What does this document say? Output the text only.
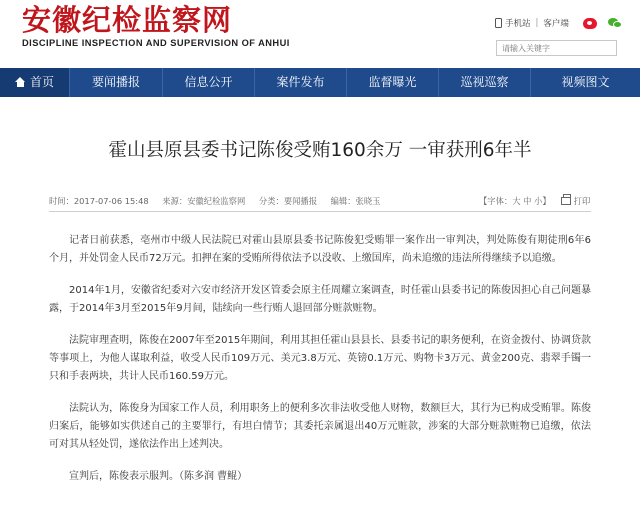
安徽纪检监察网
DISCIPLINE INSPECTION AND SUPERVISION OF ANHUI
手机站 | 客户端
请输入关键字
首页	要闻播报	信息公开	案件发布	监督曝光	巡视巡察	视频图文
霍山县原县委书记陈俊受贿160余万 一审获刑6年半
时间：2017-07-06 15:48 来源：安徽纪检监察网 分类：要闻播报 编辑：张晓玉	【字体：大 中 小】	打印

记者日前获悉，亳州市中级人民法院已对霍山县原县委书记陈俊犯受贿罪一案作出一审判决，判处陈俊有期徒刑6年6个月，并处罚金人民币72万元。扣押在案的受贿所得依法予以没收、上缴国库，尚未追缴的违法所得继续予以追缴。

2014年1月，安徽省纪委对六安市经济开发区管委会原主任周耀立案调查，时任霍山县委书记的陈俊因担心自己问题暴露，于2014年3月至2015年9月间，陆续向一些行贿人退回部分赃款赃物。

法院审理查明，陈俊在2007年至2015年期间，利用其担任霍山县县长、县委书记的职务便利，在资金拨付、协调贷款等事项上，为他人谋取利益，收受人民币109万元、美元3.8万元、英镑0.1万元、购物卡3万元、黄金200克、翡翠手镯一只和手表两块，共计人民币160.59万元。

法院认为，陈俊身为国家工作人员，利用职务上的便利多次非法收受他人财物，数额巨大，其行为已构成受贿罪。陈俊归案后，能够如实供述自己的主要罪行，有坦白情节；其委托亲属退出40万元赃款，涉案的大部分赃款赃物已追缴，依法可对其从轻处罚，遂依法作出上述判决。

宣判后，陈俊表示服判。（陈多润 曹鲲）
